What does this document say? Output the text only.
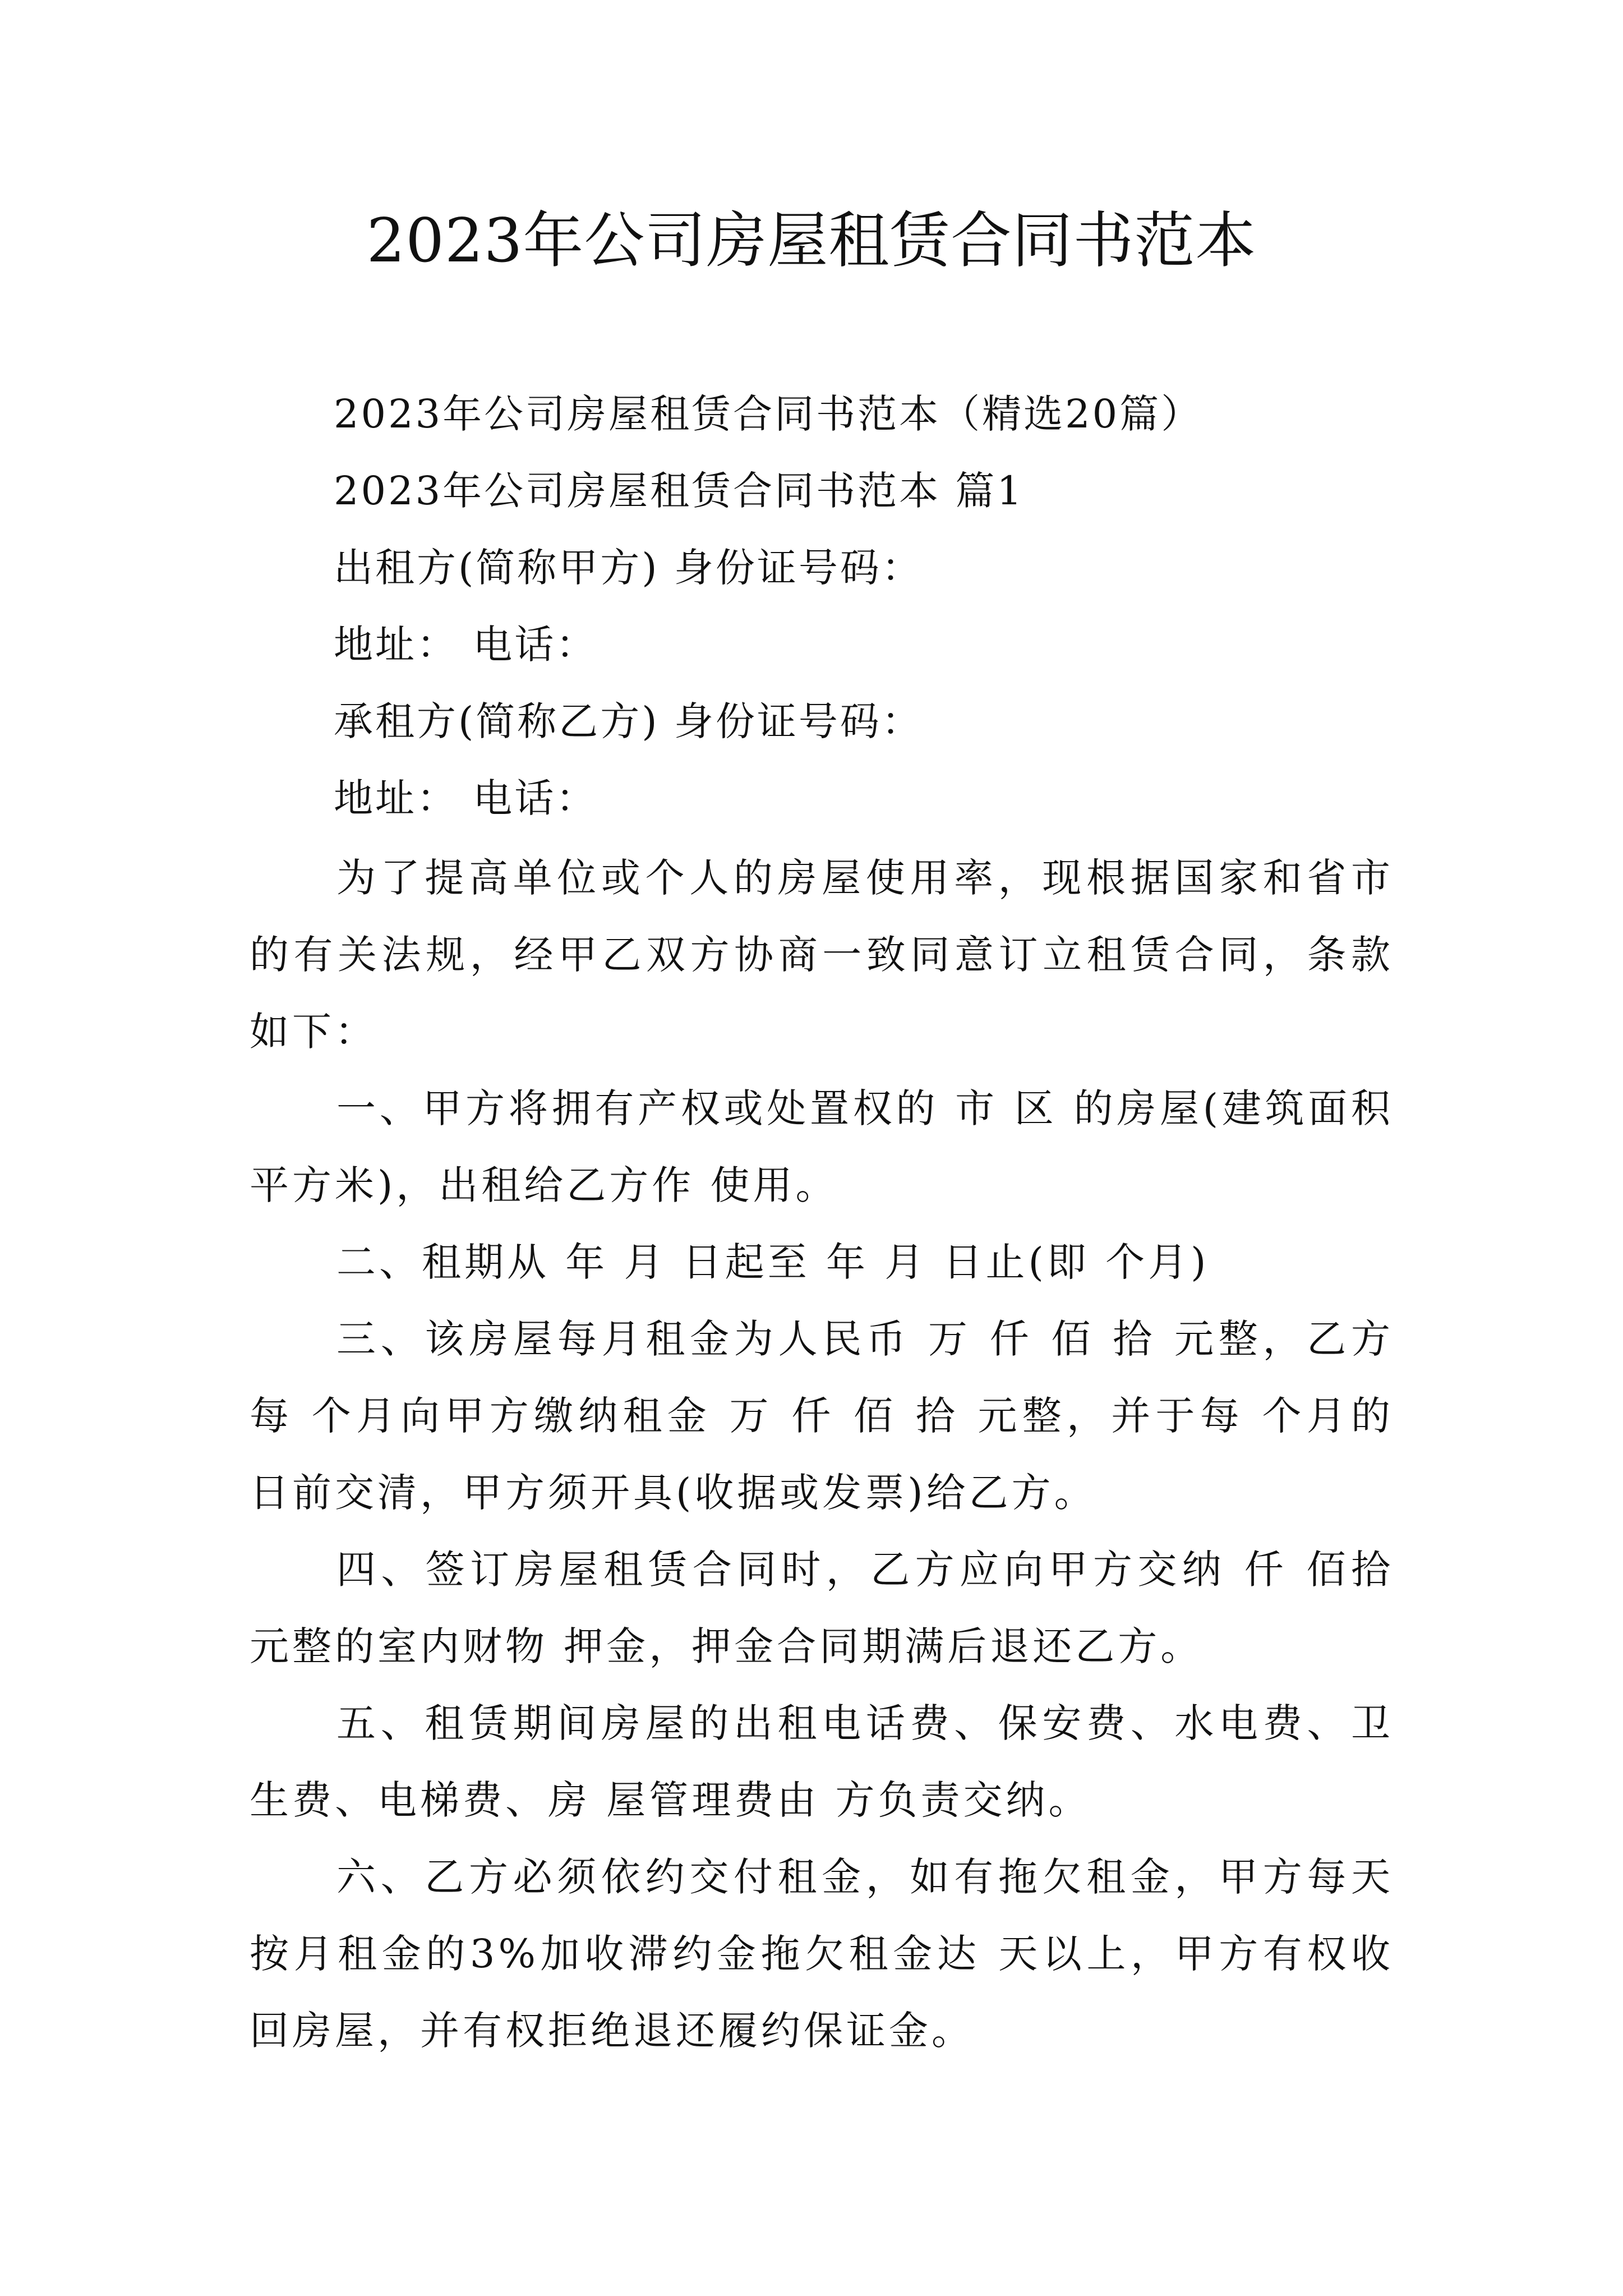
2023年公司房屋租赁合同书范本
2023年公司房屋租赁合同书范本（精选20篇）
2023年公司房屋租赁合同书范本 篇1
出租方(简称甲方) 身份证号码：
地址： 电话：
承租方(简称乙方) 身份证号码：
地址： 电话：
为了提高单位或个人的房屋使用率，现根据国家和省市的有关法规，经甲乙双方协商一致同意订立租赁合同，条款如下：
一、甲方将拥有产权或处置权的 市 区 的房屋(建筑面积 平方米)，出租给乙方作 使用。
二、租期从 年 月 日起至 年 月 日止(即 个月)
三、该房屋每月租金为人民币 万 仟 佰 拾 元整，乙方每 个月向甲方缴纳租金 万 仟 佰 拾 元整，并于每 个月的 日前交清，甲方须开具(收据或发票)给乙方。
四、签订房屋租赁合同时，乙方应向甲方交纳 仟 佰拾 元整的室内财物 押金，押金合同期满后退还乙方。
五、租赁期间房屋的出租电话费、保安费、水电费、卫生费、电梯费、房 屋管理费由 方负责交纳。
六、乙方必须依约交付租金，如有拖欠租金，甲方每天按月租金的3%加收滞约金拖欠租金达 天以上，甲方有权收回房屋，并有权拒绝退还履约保证金。
